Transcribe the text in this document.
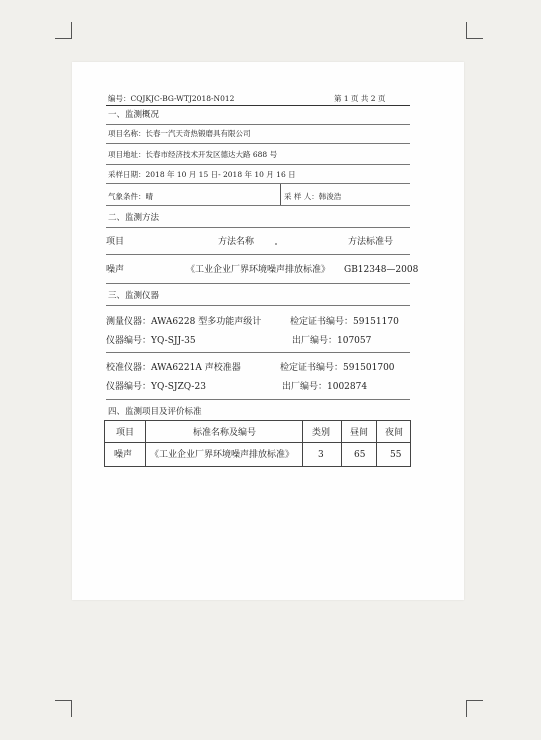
编号：CQJKJC-BG-WTJ2018-N012	第 1 页 共 2 页
一、监测概况
项目名称：长春一汽天奇热锻磨具有限公司
项目地址：长春市经济技术开发区德达大路 688 号
采样日期：2018 年 10 月 15 日- 2018 年 10 月 16 日
气象条件：晴	采 样 人：韩浚浩
二、监测方法
项目	方法名称	方法标准号
噪声	《工业企业厂界环境噪声排放标准》 GB12348—2008
三、监测仪器
测量仪器：AWA6228 型多功能声级计	检定证书编号：59151170
仪器编号：YQ-SJJ-35	出厂编号：107057
校准仪器：AWA6221A 声校准器	检定证书编号：591501700
仪器编号：YQ-SJZQ-23	出厂编号：1002874
四、监测项目及评价标准
项目	标准名称及编号	类别 昼间 夜间
噪声 《工业企业厂界环境噪声排放标准》	3	65	55
